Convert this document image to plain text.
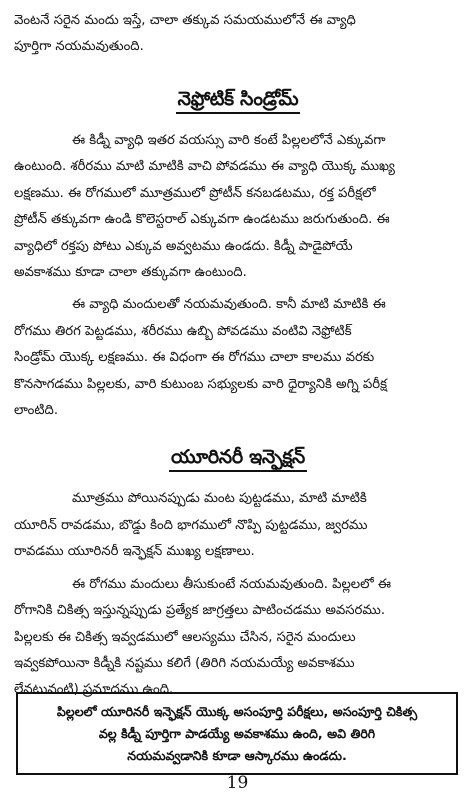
వెంటనే సరైన మందు ఇస్తే, చాలా తక్కువ సమయములోనే ఈ వ్యాధి
పూర్తిగా నయమవుతుంది.

నెఫ్రోటిక్ సిండ్రోమ్

ఈ కిడ్నీ వ్యాధి ఇతర వయస్సు వారి కంటే పిల్లలలోనే ఎక్కువగా
ఉంటుంది. శరీరము మాటి మాటికి వాచి పోవడము ఈ వ్యాధి యొక్క ముఖ్య
లక్షణము. ఈ రోగములో మూత్రములో ప్రోటీన్ కనబడటము, రక్త పరీక్షలో
ప్రోటీన్ తక్కువగా ఉండి కొలెస్టరాల్ ఎక్కువగా ఉండటము జరుగుతుంది. ఈ
వ్యాధిలో రక్తపు పోటు ఎక్కువ అవ్వటము ఉండదు. కిడ్నీ పాడైపోయే
అవకాశము కూడా చాలా తక్కువగా ఉంటుంది.

ఈ వ్యాధి మందులతో నయమవుతుంది. కానీ మాటి మాటికి ఈ
రోగము తిరగ పెట్టడము, శరీరము ఉబ్బి పోవడము వంటివి నెఫ్రోటిక్
సిండ్రోమ్ యొక్క లక్షణము. ఈ విధంగా ఈ రోగము చాలా కాలము వరకు
కొనసాగడము పిల్లలకు, వారి కుటుంబ సభ్యులకు వారి ధైర్యానికి అగ్ని పరీక్ష
లాంటిది.

యూరినరీ ఇన్ఫెక్షన్

మూత్రము పోయినప్పుడు మంట పుట్టడము, మాటి మాటికి
యూరిన్ రావడము, బొడ్డు కింది భాగములో నొప్పి పుట్టడము, జ్వరము
రావడము యూరినరీ ఇన్ఫెక్షన్ ముఖ్య లక్షణాలు.

ఈ రోగము మందులు తీసుకుంటే నయమవుతుంది. పిల్లలలో ఈ
రోగానికి చికిత్స ఇస్తున్నప్పుడు ప్రత్యేక జాగ్రత్తలు పాటించడము అవసరము.
పిల్లలకు ఈ చికిత్స ఇవ్వడములో ఆలస్యము చేసిన, సరైన మందులు
ఇవ్వకపోయినా కిడ్నీకి నష్టము కలిగే (తిరిగి నయమయ్యే అవకాశము
లేనటువంటి) ప్రమాదము ఉంది.

పిల్లలలో యూరినరీ ఇన్ఫెక్షన్ యొక్క అసంపూర్తి పరీక్షలు, అసంపూర్తి చికిత్స
వల్ల కిడ్నీ పూర్తిగా పాడయ్యే అవకాశము ఉంది, అవి తిరిగి
నయమవ్వడానికి కూడా ఆస్కారము ఉండదు.
19
